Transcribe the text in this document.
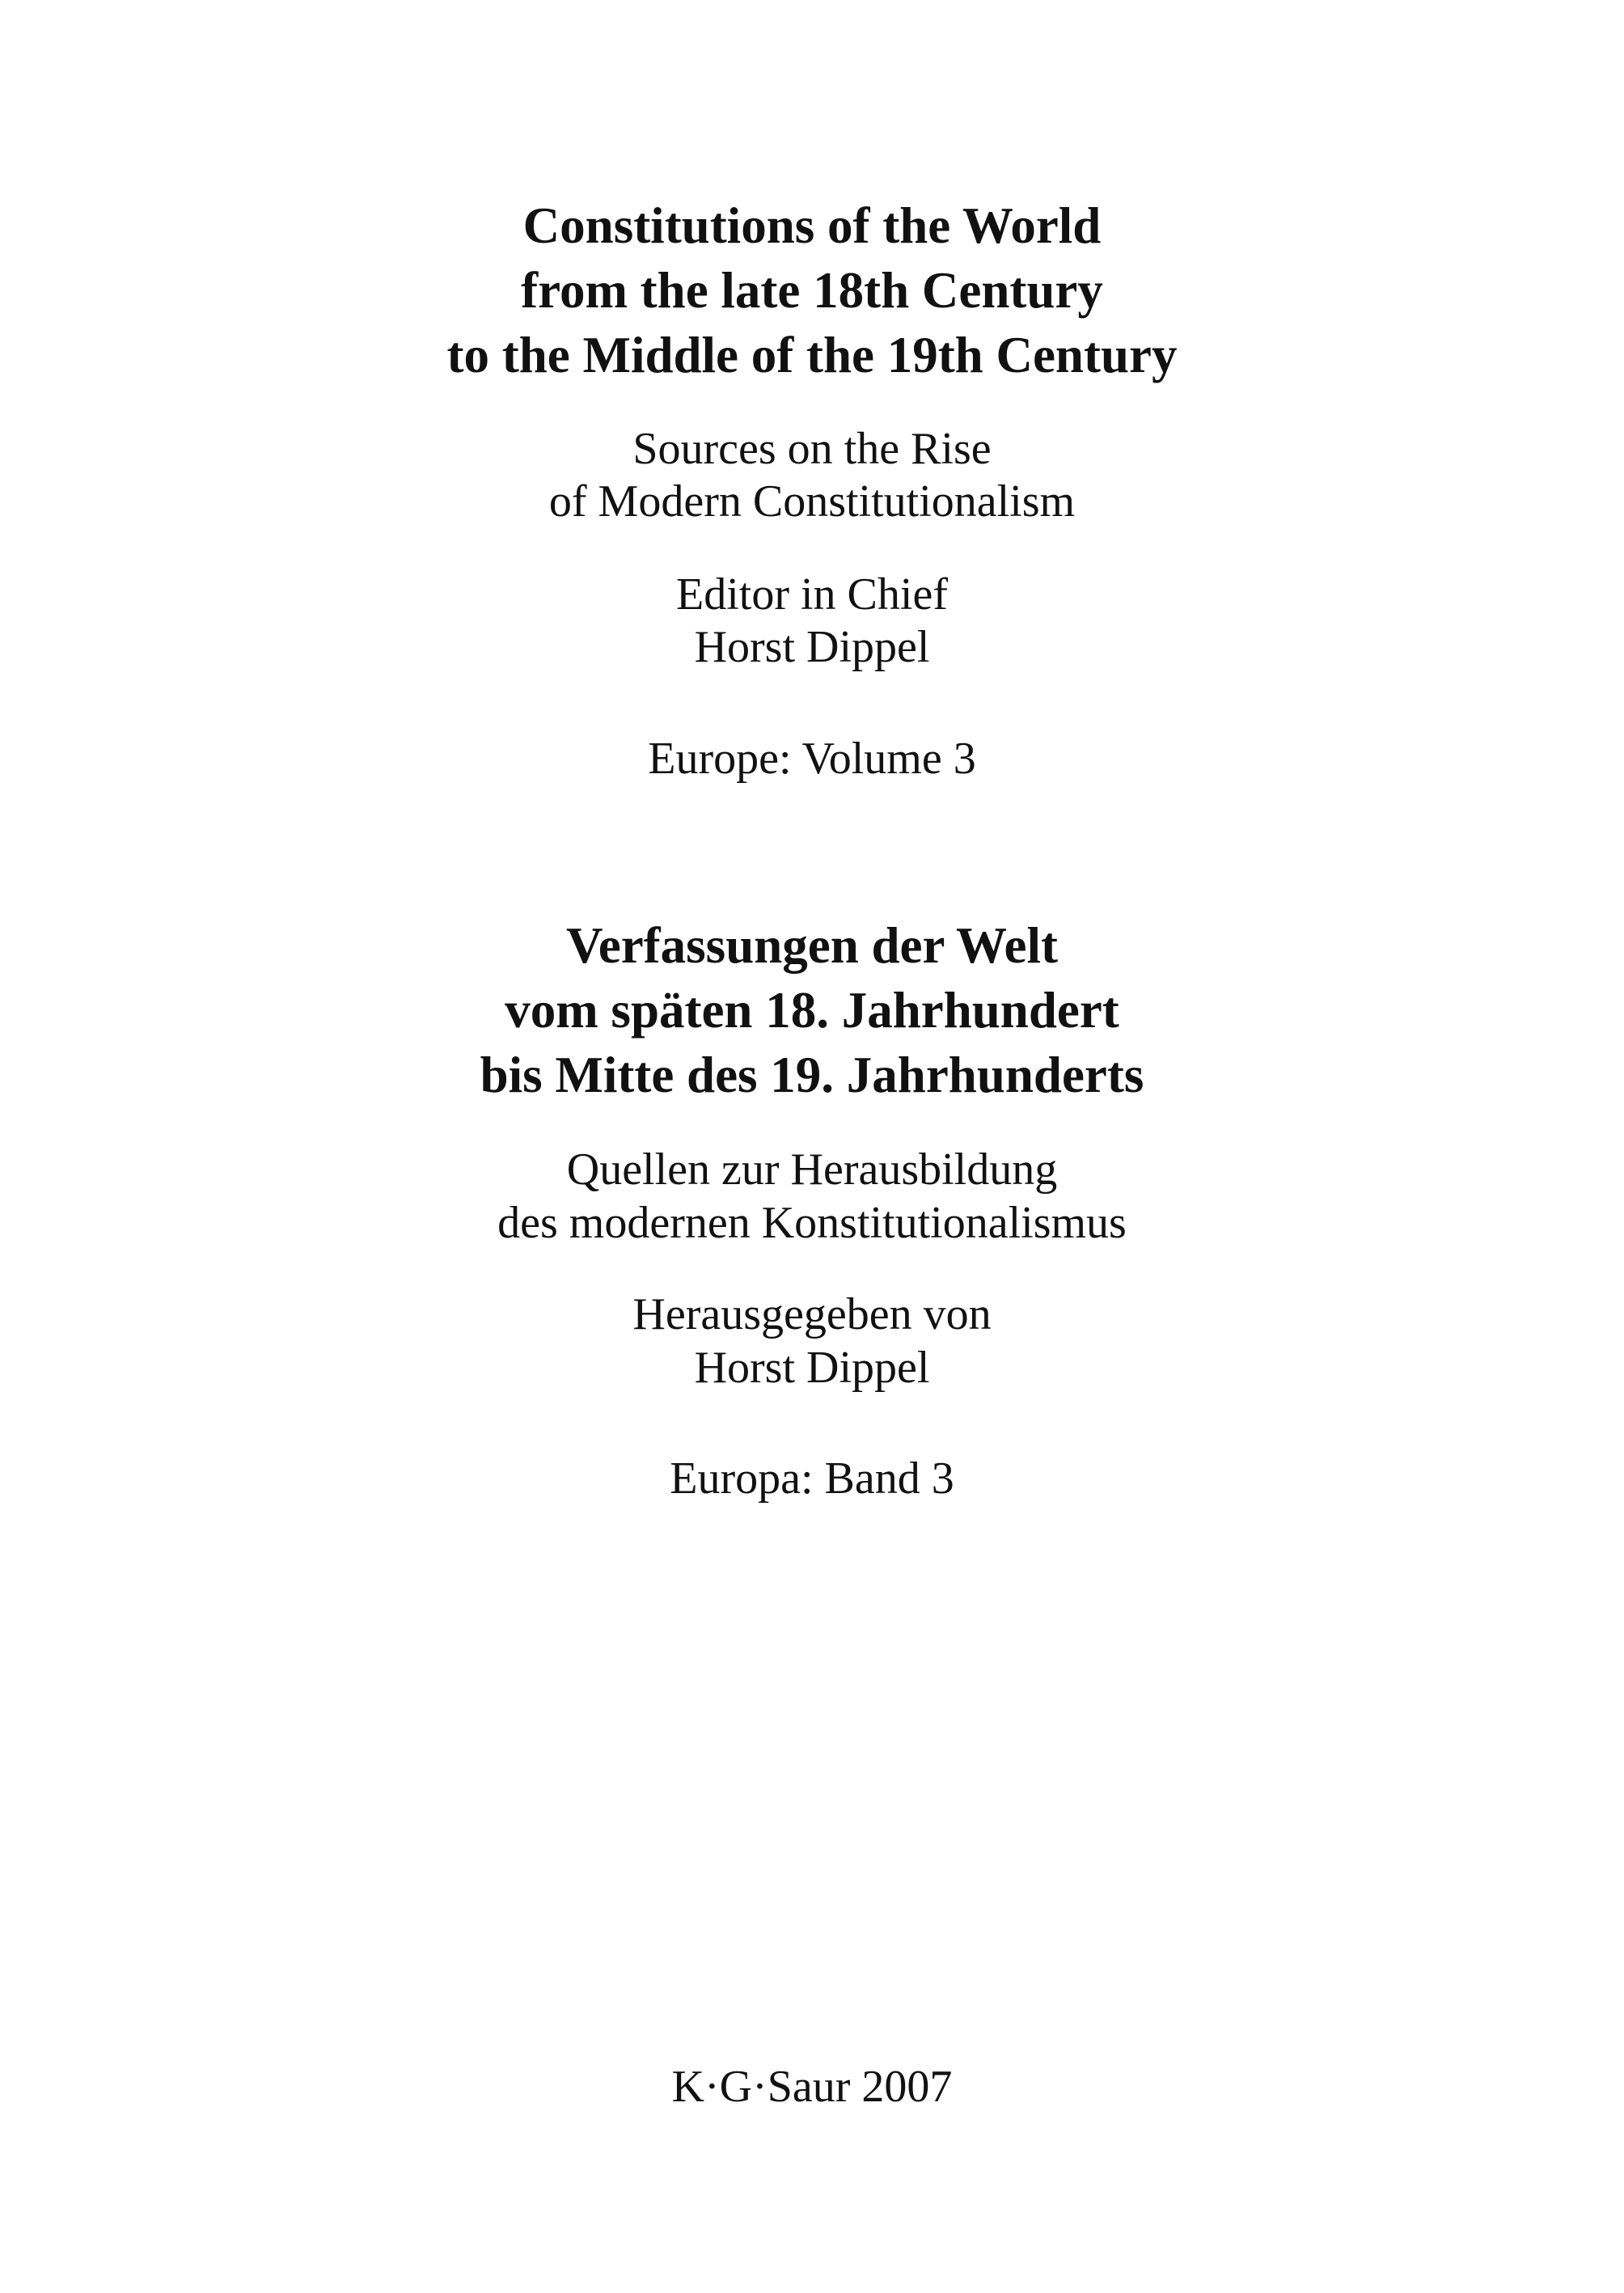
Constitutions of the World
from the late 18th Century
to the Middle of the 19th Century
Sources on the Rise
of Modern Constitutionalism
Editor in Chief
Horst Dippel
Europe: Volume 3
Verfassungen der Welt
vom späten 18. Jahrhundert
bis Mitte des 19. Jahrhunderts
Quellen zur Herausbildung
des modernen Konstitutionalismus
Herausgegeben von
Horst Dippel
Europa: Band 3
K·G·Saur 2007
